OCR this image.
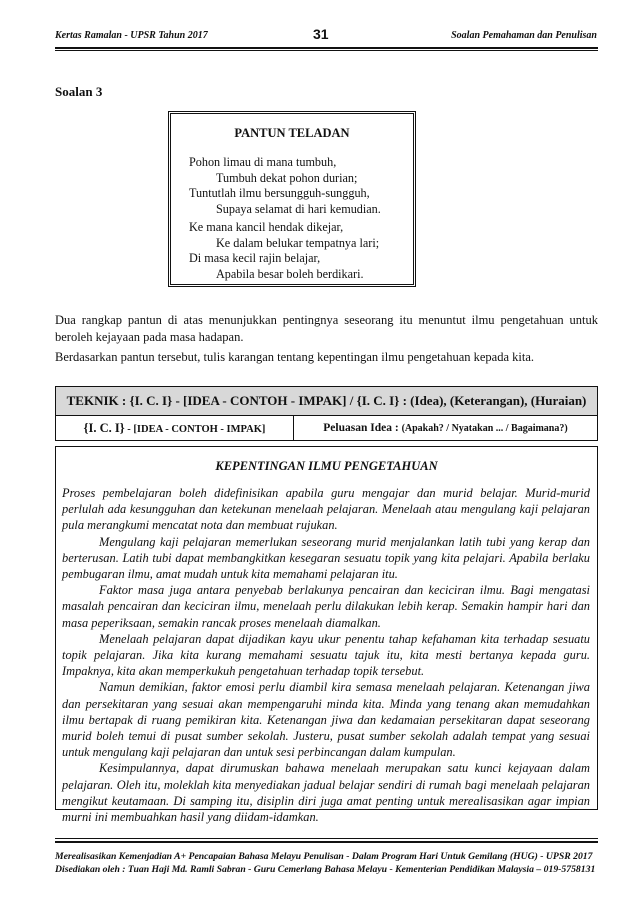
Kertas Ramalan - UPSR Tahun 2017	31	Soalan Pemahaman dan Penulisan
Soalan 3
PANTUN TELADAN
Pohon limau di mana tumbuh,
Tumbuh dekat pohon durian;
Tuntutlah ilmu bersungguh-sungguh,
Supaya selamat di hari kemudian.
Ke mana kancil hendak dikejar,
Ke dalam belukar tempatnya lari;
Di masa kecil rajin belajar,
Apabila besar boleh berdikari.
Dua rangkap pantun di atas menunjukkan pentingnya seseorang itu menuntut ilmu pengetahuan untuk beroleh kejayaan pada masa hadapan.
Berdasarkan pantun tersebut, tulis karangan tentang kepentingan ilmu pengetahuan kepada kita.
TEKNIK : {I. C. I} - [IDEA - CONTOH - IMPAK] / {I. C. I} : (Idea), (Keterangan), (Huraian)
{I. C. I} - [IDEA - CONTOH - IMPAK]	Peluasan Idea : (Apakah? / Nyatakan ... / Bagaimana?)
KEPENTINGAN ILMU PENGETAHUAN

Proses pembelajaran boleh didefinisikan apabila guru mengajar dan murid belajar. Murid-murid perlulah ada kesungguhan dan ketekunan menelaah pelajaran. Menelaah atau mengulang kaji pelajaran pula merangkumi mencatat nota dan membuat rujukan.

Mengulang kaji pelajaran memerlukan seseorang murid menjalankan latih tubi yang kerap dan berterusan. Latih tubi dapat membangkitkan kesegaran sesuatu topik yang kita pelajari. Apabila berlaku pembugaran ilmu, amat mudah untuk kita memahami pelajaran itu.

Faktor masa juga antara penyebab berlakunya pencairan dan keciciran ilmu. Bagi mengatasi masalah pencairan dan keciciran ilmu, menelaah perlu dilakukan lebih kerap. Semakin hampir hari dan masa peperiksaan, semakin rancak proses menelaah diamalkan.

Menelaah pelajaran dapat dijadikan kayu ukur penentu tahap kefahaman kita terhadap sesuatu topik pelajaran. Jika kita kurang memahami sesuatu tajuk itu, kita mesti bertanya kepada guru. Impaknya, kita akan memperkukuh pengetahuan terhadap topik tersebut.

Namun demikian, faktor emosi perlu diambil kira semasa menelaah pelajaran. Ketenangan jiwa dan persekitaran yang sesuai akan mempengaruhi minda kita. Minda yang tenang akan memudahkan ilmu bertapak di ruang pemikiran kita. Ketenangan jiwa dan kedamaian persekitaran dapat seseorang murid boleh temui di pusat sumber sekolah. Justeru, pusat sumber sekolah adalah tempat yang sesuai untuk mengulang kaji pelajaran dan untuk sesi perbincangan dalam kumpulan.

Kesimpulannya, dapat dirumuskan bahawa menelaah merupakan satu kunci kejayaan dalam pelajaran. Oleh itu, moleklah kita menyediakan jadual belajar sendiri di rumah bagi menelaah pelajaran mengikut keutamaan. Di samping itu, disiplin diri juga amat penting untuk merealisasikan agar impian murni ini membuahkan hasil yang diidam-idamkan.

Merealisasikan Kemenjadian A+ Pencapaian Bahasa Melayu Penulisan - Dalam Program Hari Untuk Gemilang (HUG) - UPSR 2017
Disediakan oleh : Tuan Haji Md. Ramli Sabran - Guru Cemerlang Bahasa Melayu - Kementerian Pendidikan Malaysia – 019-5758131
